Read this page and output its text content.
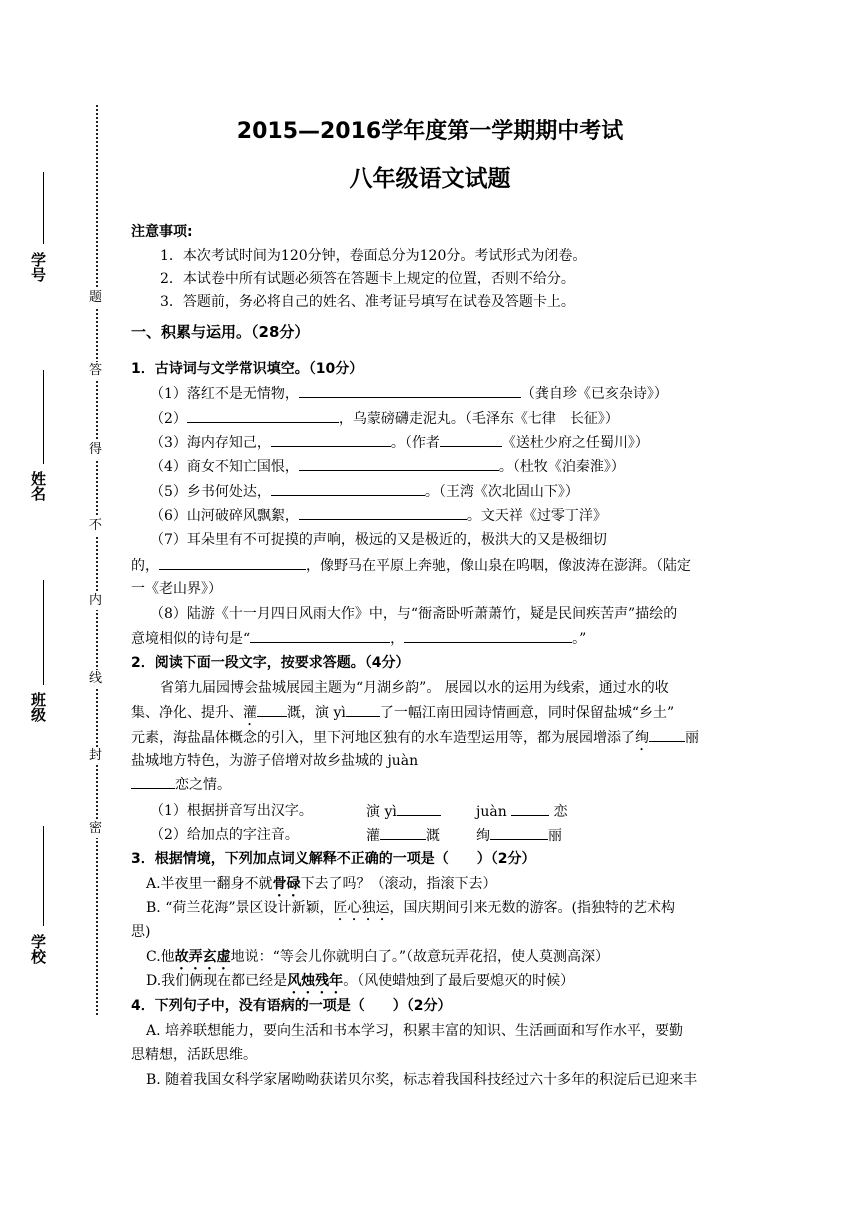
学号
姓名
班级
学校
题
答
得
不
内
线
封
密
2015—2016学年度第一学期期中考试
八年级语文试题
注意事项:
1．本次考试时间为120分钟，卷面总分为120分。考试形式为闭卷。
2．本试卷中所有试题必须答在答题卡上规定的位置，否则不给分。
3．答题前，务必将自己的姓名、准考证号填写在试卷及答题卡上。
一、积累与运用。（28分）
1．古诗词与文学常识填空。（10分）
（1）落红不是无情物，	（龚自珍《已亥杂诗》）
（2）	，乌蒙磅礴走泥丸。（毛泽东《七律　长征》）
（3）海内存知己，	。（作者	《送杜少府之任蜀川》）
（4）商女不知亡国恨，	。（杜牧《泊秦淮》）
（5）乡书何处达，	。（王湾《次北固山下》）
（6）山河破碎风飘絮，	。文天祥《过零丁洋》
（7）耳朵里有不可捉摸的声响，极远的又是极近的，极洪大的又是极细切
的，	，像野马在平原上奔驰，像山泉在呜咽，像波涛在澎湃。（陆定
一《老山界》）
（8）陆游《十一月四日风雨大作》中，与“衙斋卧听萧萧竹，疑是民间疾苦声”描绘的
意境相似的诗句是“	，	。”
2．阅读下面一段文字，按要求答题。（4分）
省第九届园博会盐城展园主题为“月湖乡韵”。 展园以水的运用为线索，通过水的收
集、净化、提升、灌 溉，演 yì 了一幅江南田园诗情画意，同时保留盐城“乡土”
元素，海盐晶体概念的引入，里下河地区独有的水车造型运用等，都为展园增添了绚	丽
盐城地方特色，为游子倍增对故乡盐城的 juàn
恋之情。
（1）根据拼音写出汉字。	演 yì	juàn	恋
（2）给加点的字注音。	灌	溉	绚	丽
3．根据情境，下列加点词义解释不正确的一项是（　　）（2分）
A.半夜里一翻身不就骨碌下去了吗？（滚动，指滚下去）
B. “荷兰花海”景区设计新颖，匠心独运，国庆期间引来无数的游客。(指独特的艺术构
思)
C.他故弄玄虚地说：“等会儿你就明白了。”（故意玩弄花招，使人莫测高深）
D.我们俩现在都已经是风烛残年。（风使蜡烛到了最后要熄灭的时候）
4．下列句子中，没有语病的一项是（　　）（2分）
A. 培养联想能力，要向生活和书本学习，积累丰富的知识、生活画面和写作水平，要勤
思精想，活跃思维。
B. 随着我国女科学家屠呦呦获诺贝尔奖，标志着我国科技经过六十多年的积淀后已迎来丰
